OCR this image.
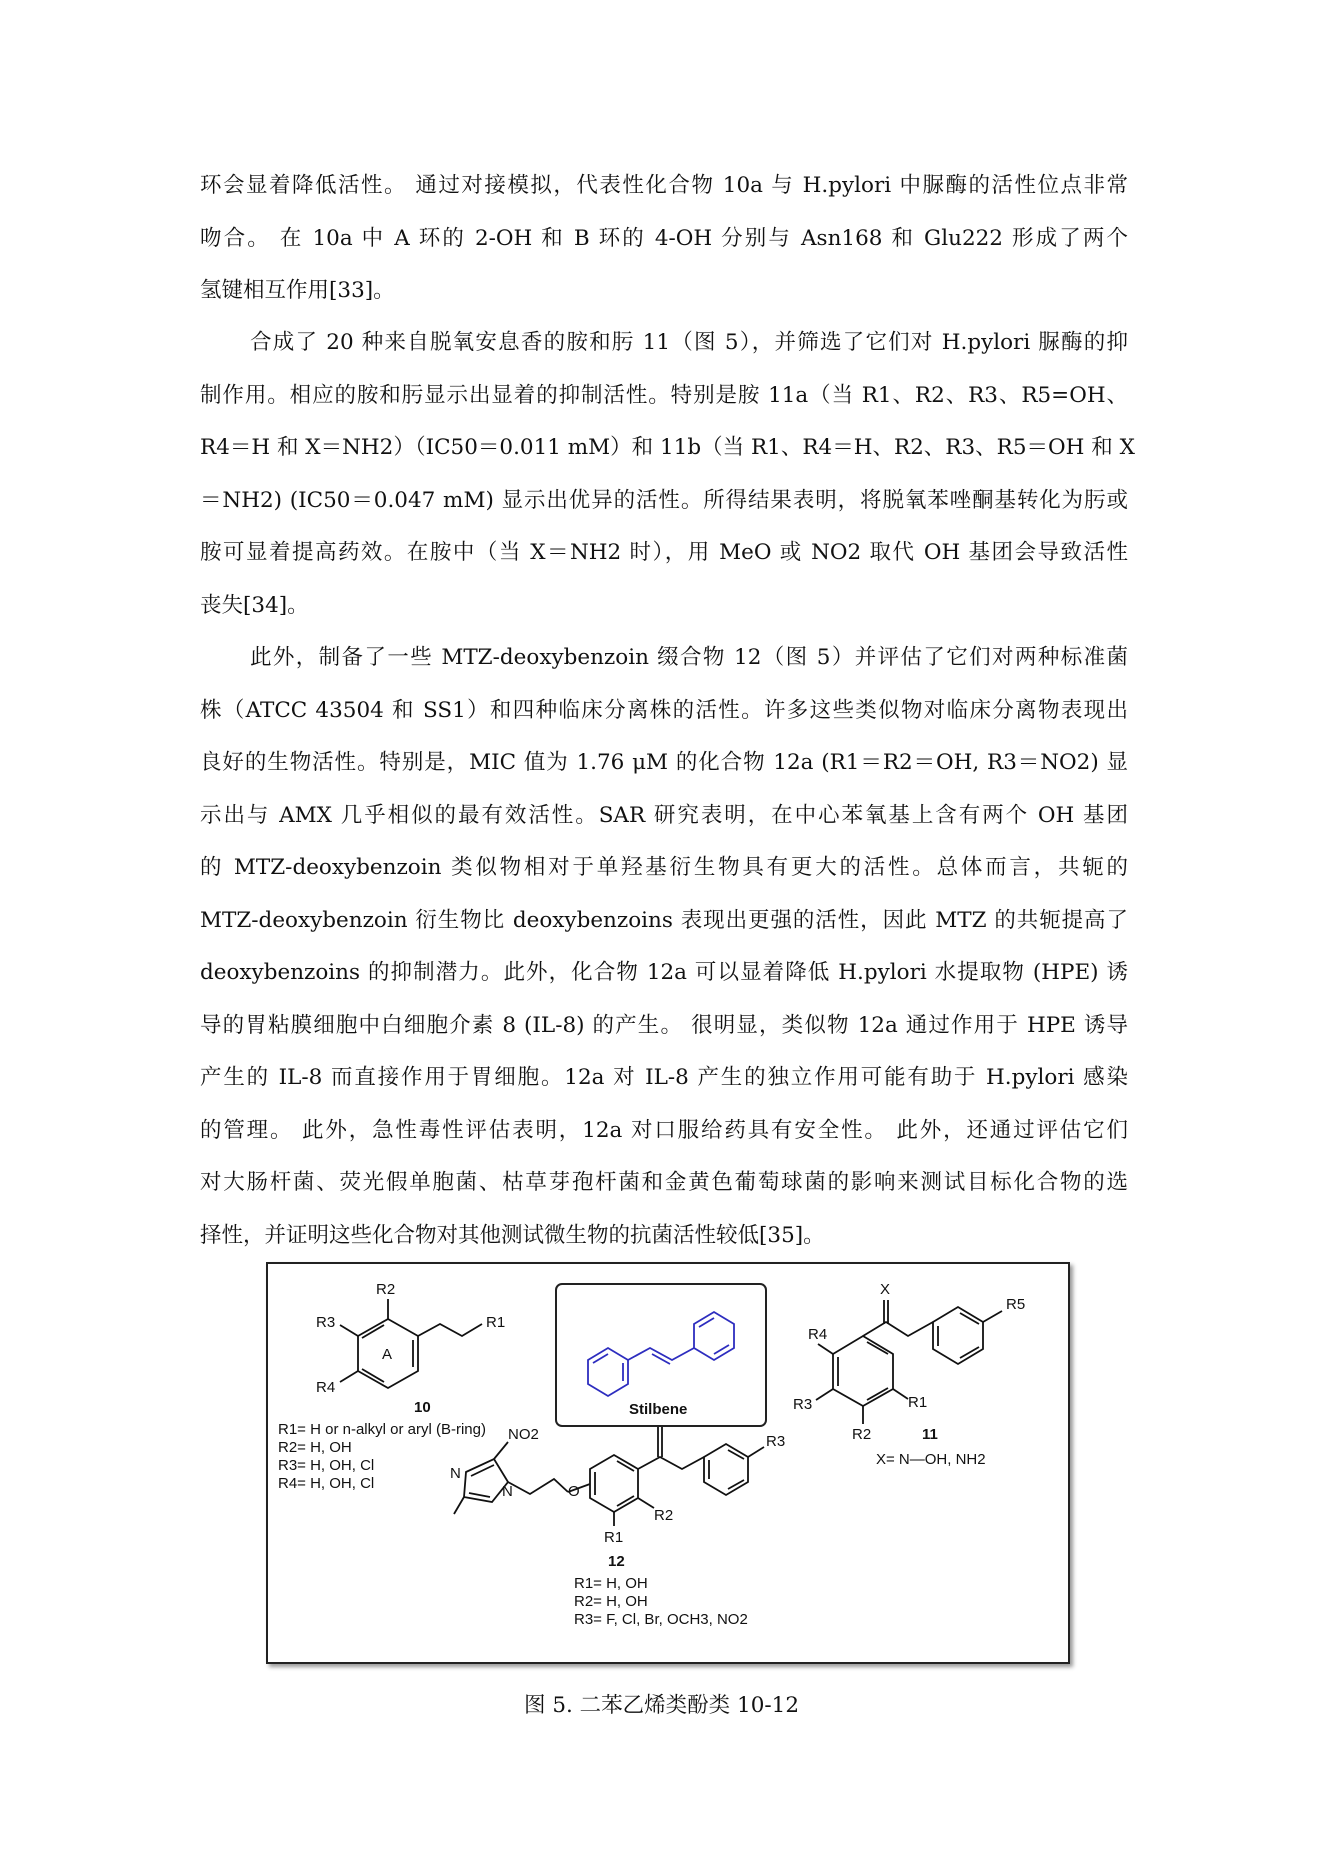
环会显着降低活性。 通过对接模拟，代表性化合物 10a 与 H.pylori 中脲酶的活性位点非常
吻合。 在 10a 中 A 环的 2-OH 和 B 环的 4-OH 分别与 Asn168 和 Glu222 形成了两个
氢键相互作用[33]。
合成了 20 种来自脱氧安息香的胺和肟 11（图 5），并筛选了它们对 H.pylori 脲酶的抑
制作用。相应的胺和肟显示出显着的抑制活性。特别是胺 11a（当 R1、R2、R3、R5=OH、
R4＝H 和 X＝NH2）（IC50＝0.011 mM）和 11b（当 R1、R4＝H、R2、R3、R5＝OH 和 X
＝NH2) (IC50＝0.047 mM) 显示出优异的活性。所得结果表明，将脱氧苯唑酮基转化为肟或
胺可显着提高药效。在胺中（当 X＝NH2 时），用 MeO 或 NO2 取代 OH 基团会导致活性
丧失[34]。
此外，制备了一些 MTZ-deoxybenzoin 缀合物 12（图 5）并评估了它们对两种标准菌
株（ATCC 43504 和 SS1）和四种临床分离株的活性。许多这些类似物对临床分离物表现出
良好的生物活性。特别是，MIC 值为 1.76 μM 的化合物 12a (R1＝R2＝OH, R3＝NO2) 显
示出与 AMX 几乎相似的最有效活性。SAR 研究表明，在中心苯氧基上含有两个 OH 基团
的 MTZ-deoxybenzoin 类似物相对于单羟基衍生物具有更大的活性。总体而言，共轭的
MTZ-deoxybenzoin 衍生物比 deoxybenzoins 表现出更强的活性，因此 MTZ 的共轭提高了
deoxybenzoins 的抑制潜力。此外，化合物 12a 可以显着降低 H.pylori 水提取物 (HPE) 诱
导的胃粘膜细胞中白细胞介素 8 (IL-8) 的产生。 很明显，类似物 12a 通过作用于 HPE 诱导
产生的 IL-8 而直接作用于胃细胞。12a 对 IL-8 产生的独立作用可能有助于 H.pylori 感染
的管理。 此外，急性毒性评估表明，12a 对口服给药具有安全性。 此外，还通过评估它们
对大肠杆菌、荧光假单胞菌、枯草芽孢杆菌和金黄色葡萄球菌的影响来测试目标化合物的选
择性，并证明这些化合物对其他测试微生物的抗菌活性较低[35]。
R2
R3
R4
R1
A
10
R1= H or n-alkyl or aryl (B-ring)
R2= H, OH
R3= H, OH, Cl
R4= H, OH, Cl
Stilbene
R4
X
R5
R3	R1
R2	11
X= N—OH, NH2
NO2
N
N	O
R3
R2
R1
12
R1= H, OH
R2= H, OH
R3= F, Cl, Br, OCH3, NO2
图 5. 二苯乙烯类酚类 10-12
